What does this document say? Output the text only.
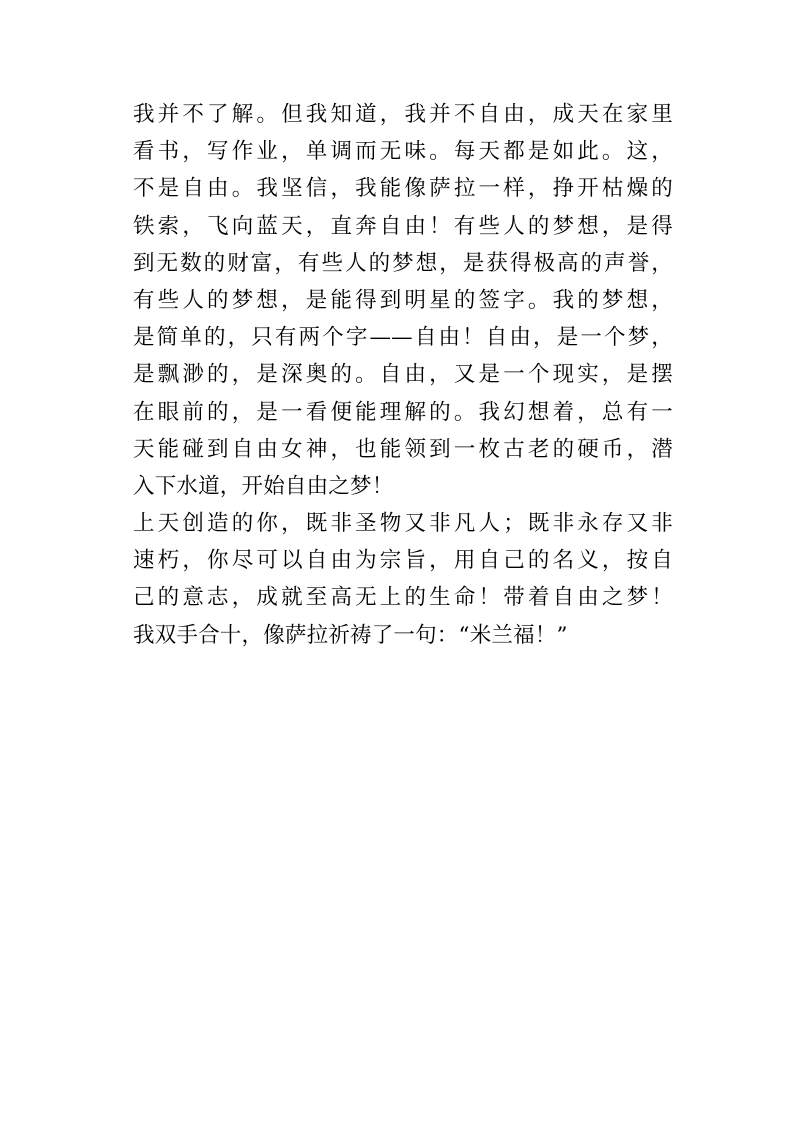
我并不了解。但我知道，我并不自由，成天在家里
看书，写作业，单调而无味。每天都是如此。这，
不是自由。我坚信，我能像萨拉一样，挣开枯燥的
铁索，飞向蓝天，直奔自由！有些人的梦想，是得
到无数的财富，有些人的梦想，是获得极高的声誉，
有些人的梦想，是能得到明星的签字。我的梦想，
是简单的，只有两个字——自由！自由，是一个梦，
是飘渺的，是深奥的。自由，又是一个现实，是摆
在眼前的，是一看便能理解的。我幻想着，总有一
天能碰到自由女神，也能领到一枚古老的硬币，潜
入下水道，开始自由之梦！
上天创造的你，既非圣物又非凡人；既非永存又非
速朽，你尽可以自由为宗旨，用自己的名义，按自
己的意志，成就至高无上的生命！带着自由之梦！
我双手合十，像萨拉祈祷了一句：“米兰福！”
